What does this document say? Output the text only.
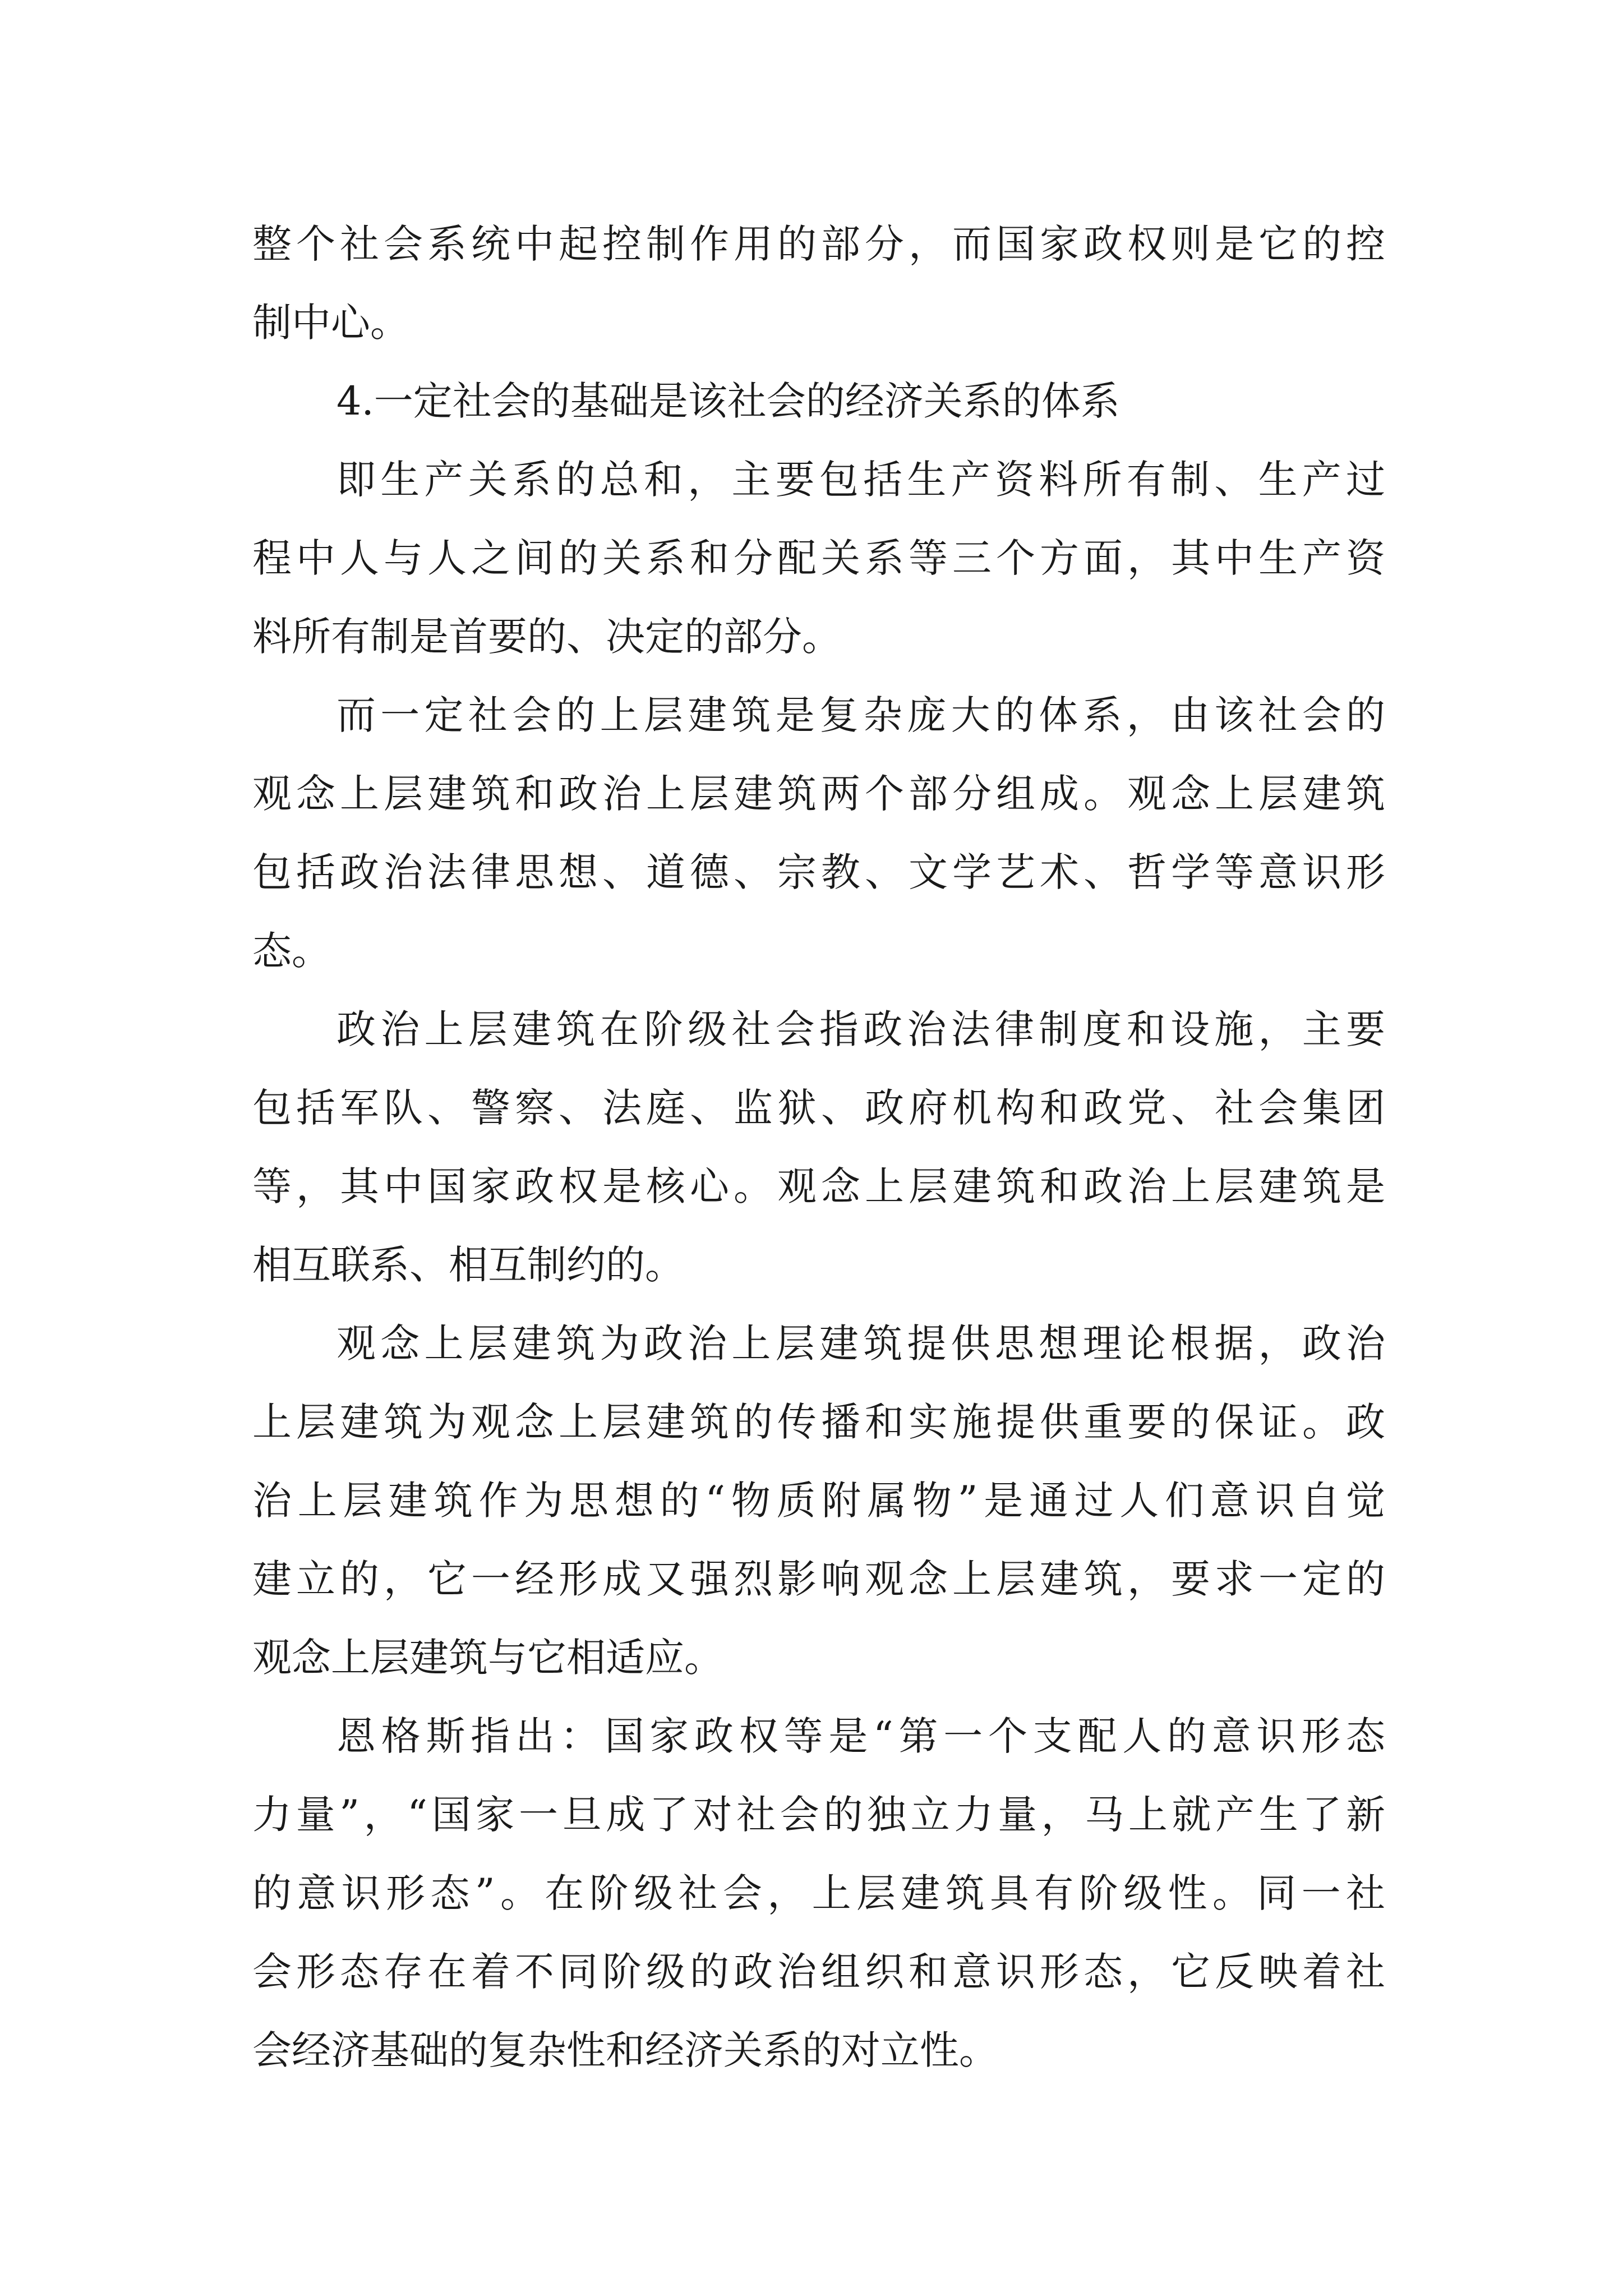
整个社会系统中起控制作用的部分，而国家政权则是它的控
制中心。
4.一定社会的基础是该社会的经济关系的体系
即生产关系的总和，主要包括生产资料所有制、生产过
程中人与人之间的关系和分配关系等三个方面，其中生产资
料所有制是首要的、决定的部分。
而一定社会的上层建筑是复杂庞大的体系，由该社会的
观念上层建筑和政治上层建筑两个部分组成。观念上层建筑
包括政治法律思想、道德、宗教、文学艺术、哲学等意识形
态。
政治上层建筑在阶级社会指政治法律制度和设施，主要
包括军队、警察、法庭、监狱、政府机构和政党、社会集团
等，其中国家政权是核心。观念上层建筑和政治上层建筑是
相互联系、相互制约的。
观念上层建筑为政治上层建筑提供思想理论根据，政治
上层建筑为观念上层建筑的传播和实施提供重要的保证。政
治上层建筑作为思想的“物质附属物”是通过人们意识自觉
建立的，它一经形成又强烈影响观念上层建筑，要求一定的
观念上层建筑与它相适应。
恩格斯指出：国家政权等是“第一个支配人的意识形态
力量”，“国家一旦成了对社会的独立力量，马上就产生了新
的意识形态”。在阶级社会，上层建筑具有阶级性。同一社
会形态存在着不同阶级的政治组织和意识形态，它反映着社
会经济基础的复杂性和经济关系的对立性。
